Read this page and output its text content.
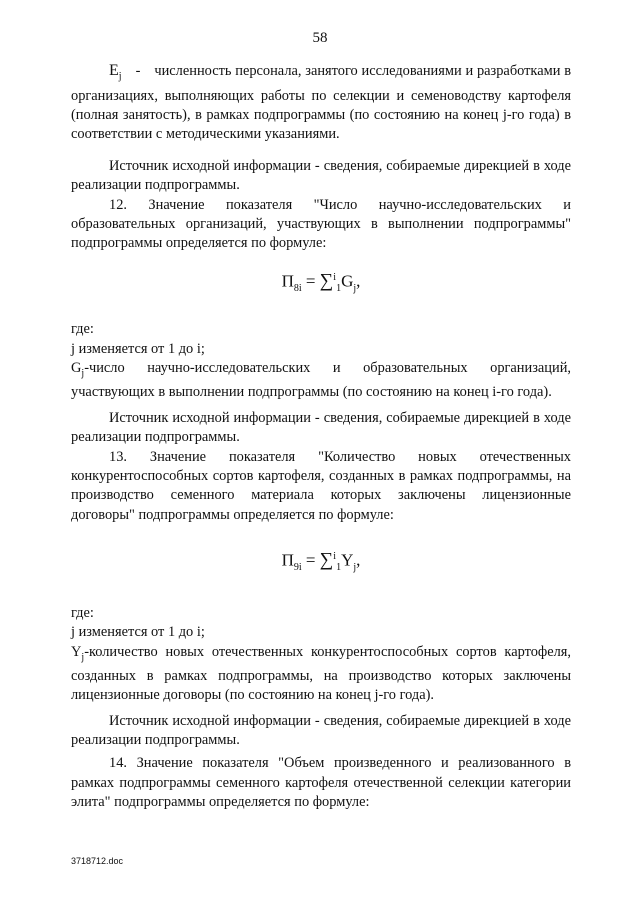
58

$E_j$ - численность персонала, занятого исследованиями и разработками в организациях, выполняющих работы по селекции и семеноводству картофеля (полная занятость), в рамках подпрограммы (по состоянию на конец j-го года) в соответствии с методическими указаниями.

Источник исходной информации - сведения, собираемые дирекцией в ходе реализации подпрограммы.

12. Значение показателя "Число научно-исследовательских и образовательных организаций, участвующих в выполнении подпрограммы" подпрограммы определяется по формуле:

$П_{8i} = \sum^i_1G_j$,

где:

j изменяется от 1 до i;

$G_j$-число научно-исследовательских и образовательных организаций, участвующих в выполнении подпрограммы (по состоянию на конец i-го года).

Источник исходной информации - сведения, собираемые дирекцией в ходе реализации подпрограммы.

13. Значение показателя "Количество новых отечественных конкурентоспособных сортов картофеля, созданных в рамках подпрограммы, на производство семенного материала которых заключены лицензионные договоры" подпрограммы определяется по формуле:

$П_{9i} = \sum^i_1Y_j$,

где:

j изменяется от 1 до i;

$Y_j$-количество новых отечественных конкурентоспособных сортов картофеля, созданных в рамках подпрограммы, на производство которых заключены лицензионные договоры (по состоянию на конец j-го года).

Источник исходной информации - сведения, собираемые дирекцией в ходе реализации подпрограммы.

14. Значение показателя "Объем произведенного и реализованного в рамках подпрограммы семенного картофеля отечественной селекции категории элита" подпрограммы определяется по формуле:

3718712.doc
